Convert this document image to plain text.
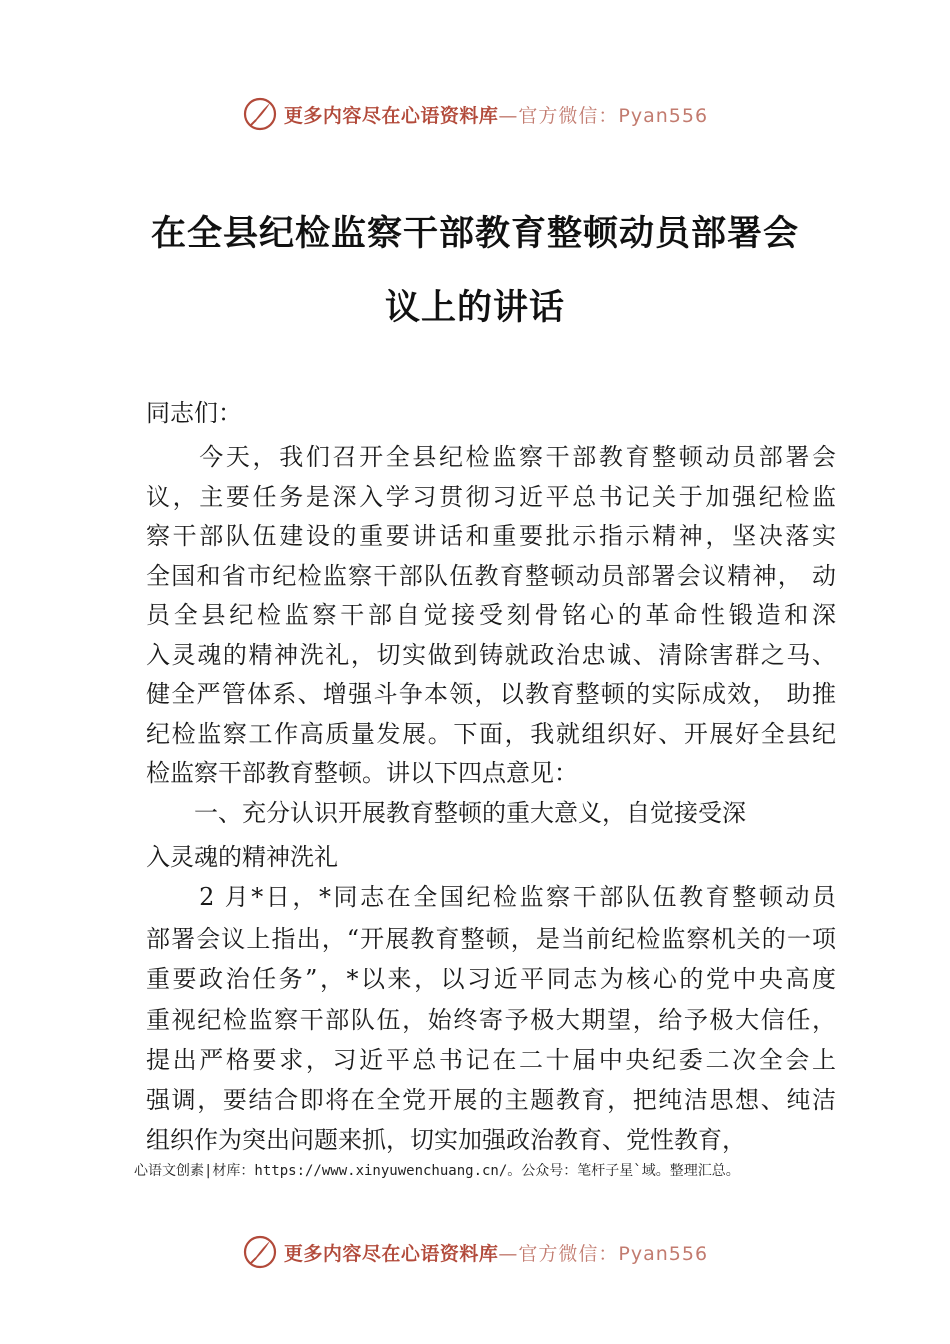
更多内容尽在心语资料库 —官方微信：Pyan556
在全县纪检监察干部教育整顿动员部署会
议上的讲话
同志们：
　　今天，我们召开全县纪检监察干部教育整顿动员部署会
议，主要任务是深入学习贯彻习近平总书记关于加强纪检监
察干部队伍建设的重要讲话和重要批示指示精神，坚决落实
全国和省市纪检监察干部队伍教育整顿动员部署会议精神， 动
员全县纪检监察干部自觉接受刻骨铭心的革命性锻造和深
入灵魂的精神洗礼，切实做到铸就政治忠诚、清除害群之马、
健全严管体系、增强斗争本领，以教育整顿的实际成效， 助推
纪检监察工作高质量发展。下面，我就组织好、开展好全县纪
检监察干部教育整顿。讲以下四点意见：
　　一、充分认识开展教育整顿的重大意义，自觉接受深
入灵魂的精神洗礼
　　2 月*日，*同志在全国纪检监察干部队伍教育整顿动员
部署会议上指出，“开展教育整顿，是当前纪检监察机关的一项
重要政治任务”，*以来，以习近平同志为核心的党中央高度
重视纪检监察干部队伍，始终寄予极大期望，给予极大信任，
提出严格要求，习近平总书记在二十届中央纪委二次全会上
强调，要结合即将在全党开展的主题教育，把纯洁思想、纯洁
组织作为突出问题来抓，切实加强政治教育、党性教育，
心语文创素|材库：https://www.xinyuwenchuang.cn/。公众号：笔杆子星`域。整理汇总。
更多内容尽在心语资料库 —官方微信：Pyan556
